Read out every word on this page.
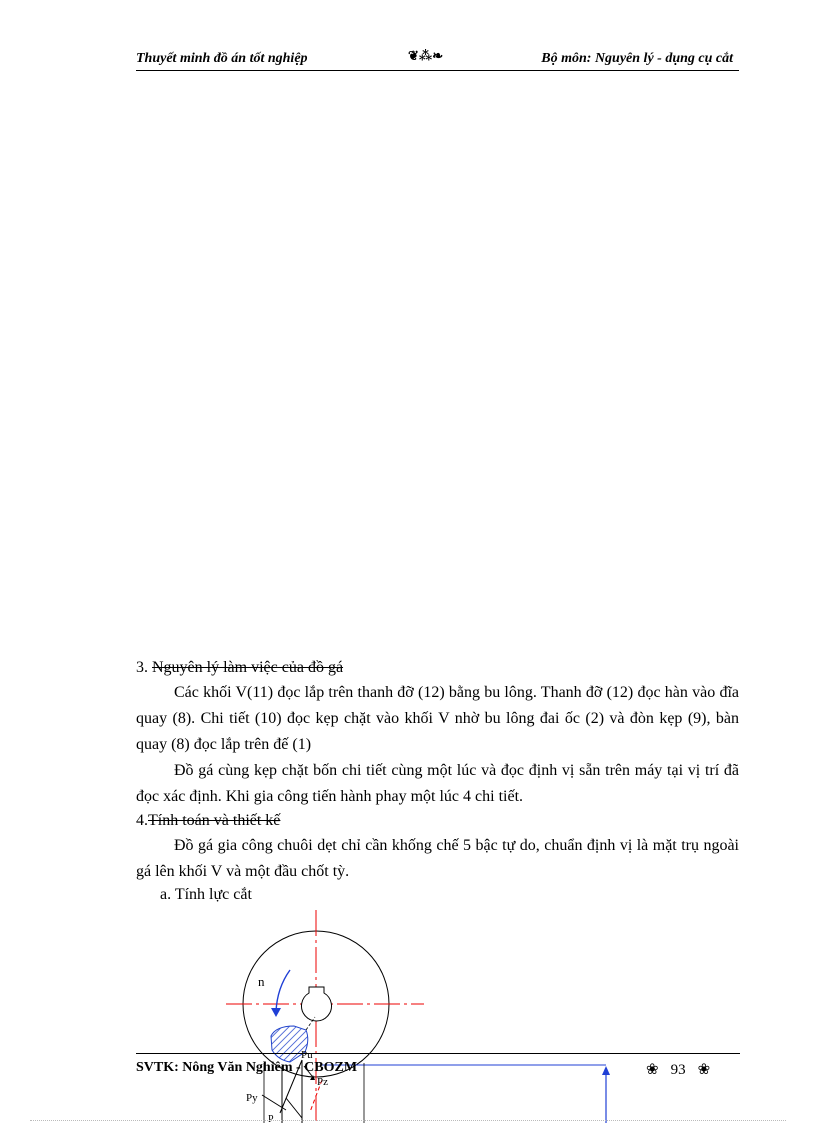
Thuyết minh đồ án tốt nghiệp	❦⁂❧	Bộ môn: Nguyên lý - dụng cụ cắt
3. Nguyên lý làm việc của đồ gá
Các khối V(11) đọc lắp trên thanh đỡ (12) bằng bu lông. Thanh đỡ (12) đọc hàn vào đĩa quay (8). Chi tiết (10) đọc kẹp chặt vào khối V nhờ bu lông đai ốc (2) và đòn kẹp (9), bàn quay (8) đọc lắp trên đế (1)
Đồ gá cùng kẹp chặt bốn chi tiết cùng một lúc và đọc định vị sẵn trên máy tại vị trí đã đọc xác định. Khi gia công tiến hành phay một lúc 4 chi tiết.
4.Tính toán và thiết kế
Đồ gá gia công chuôi dẹt chỉ cần khống chế 5 bậc tự do, chuẩn định vị là mặt trụ ngoài gá lên khối V và một đầu chốt tỳ.
a. Tính lực cắt
n
Pu
Pz
Py
P
SVTK: Nông Văn Nghiêm - CBOZM	❀ 93 ❀
